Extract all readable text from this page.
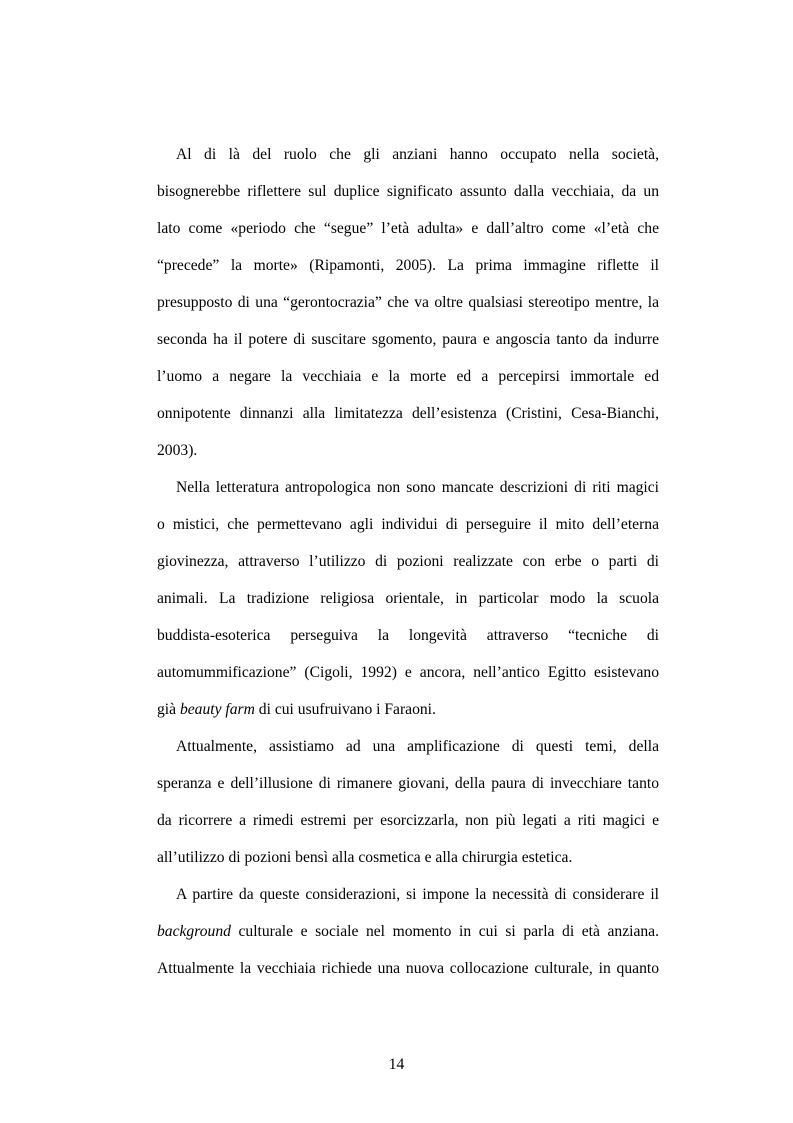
Al di là del ruolo che gli anziani hanno occupato nella società,
bisognerebbe riflettere sul duplice significato assunto dalla vecchiaia, da un
lato come «periodo che “segue” l’età adulta» e dall’altro come «l’età che
“precede” la morte» (Ripamonti, 2005). La prima immagine riflette il
presupposto di una “gerontocrazia” che va oltre qualsiasi stereotipo mentre, la
seconda ha il potere di suscitare sgomento, paura e angoscia tanto da indurre
l’uomo a negare la vecchiaia e la morte ed a percepirsi immortale ed
onnipotente dinnanzi alla limitatezza dell’esistenza (Cristini, Cesa-Bianchi,
2003).
Nella letteratura antropologica non sono mancate descrizioni di riti magici
o mistici, che permettevano agli individui di perseguire il mito dell’eterna
giovinezza, attraverso l’utilizzo di pozioni realizzate con erbe o parti di
animali. La tradizione religiosa orientale, in particolar modo la scuola
buddista-esoterica perseguiva la longevità attraverso “tecniche di
automummificazione” (Cigoli, 1992) e ancora, nell’antico Egitto esistevano
già beauty farm di cui usufruivano i Faraoni.
Attualmente, assistiamo ad una amplificazione di questi temi, della
speranza e dell’illusione di rimanere giovani, della paura di invecchiare tanto
da ricorrere a rimedi estremi per esorcizzarla, non più legati a riti magici e
all’utilizzo di pozioni bensì alla cosmetica e alla chirurgia estetica.
A partire da queste considerazioni, si impone la necessità di considerare il
background culturale e sociale nel momento in cui si parla di età anziana.
Attualmente la vecchiaia richiede una nuova collocazione culturale, in quanto
14
